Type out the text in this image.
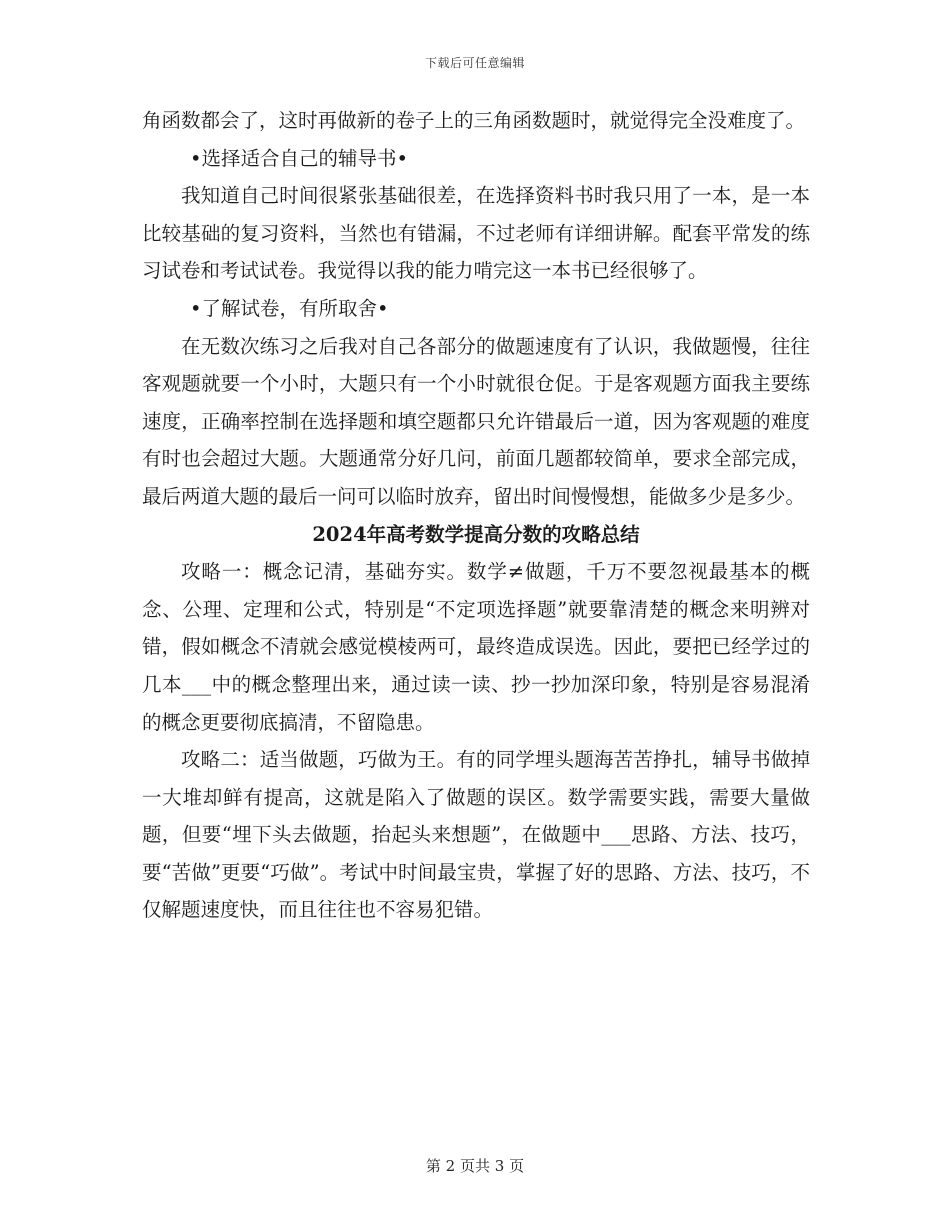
下载后可任意编辑

角函数都会了，这时再做新的卷子上的三角函数题时，就觉得完全没难度了。

•选择适合自己的辅导书•

我知道自己时间很紧张基础很差，在选择资料书时我只用了一本，是一本比较基础的复习资料，当然也有错漏，不过老师有详细讲解。配套平常发的练习试卷和考试试卷。我觉得以我的能力啃完这一本书已经很够了。

•了解试卷，有所取舍•

在无数次练习之后我对自己各部分的做题速度有了认识，我做题慢，往往客观题就要一个小时，大题只有一个小时就很仓促。于是客观题方面我主要练速度，正确率控制在选择题和填空题都只允许错最后一道，因为客观题的难度有时也会超过大题。大题通常分好几问，前面几题都较简单，要求全部完成，最后两道大题的最后一问可以临时放弃，留出时间慢慢想，能做多少是多少。

2024年高考数学提高分数的攻略总结

攻略一：概念记清，基础夯实。数学≠做题，千万不要忽视最基本的概念、公理、定理和公式，特别是“不定项选择题”就要靠清楚的概念来明辨对错，假如概念不清就会感觉模棱两可，最终造成误选。因此，要把已经学过的几本___中的概念整理出来，通过读一读、抄一抄加深印象，特别是容易混淆的概念更要彻底搞清，不留隐患。

攻略二：适当做题，巧做为王。有的同学埋头题海苦苦挣扎，辅导书做掉一大堆却鲜有提高，这就是陷入了做题的误区。数学需要实践，需要大量做题，但要“埋下头去做题，抬起头来想题”，在做题中___思路、方法、技巧，要“苦做”更要“巧做”。考试中时间最宝贵，掌握了好的思路、方法、技巧，不仅解题速度快，而且往往也不容易犯错。

第 2 页共 3 页
